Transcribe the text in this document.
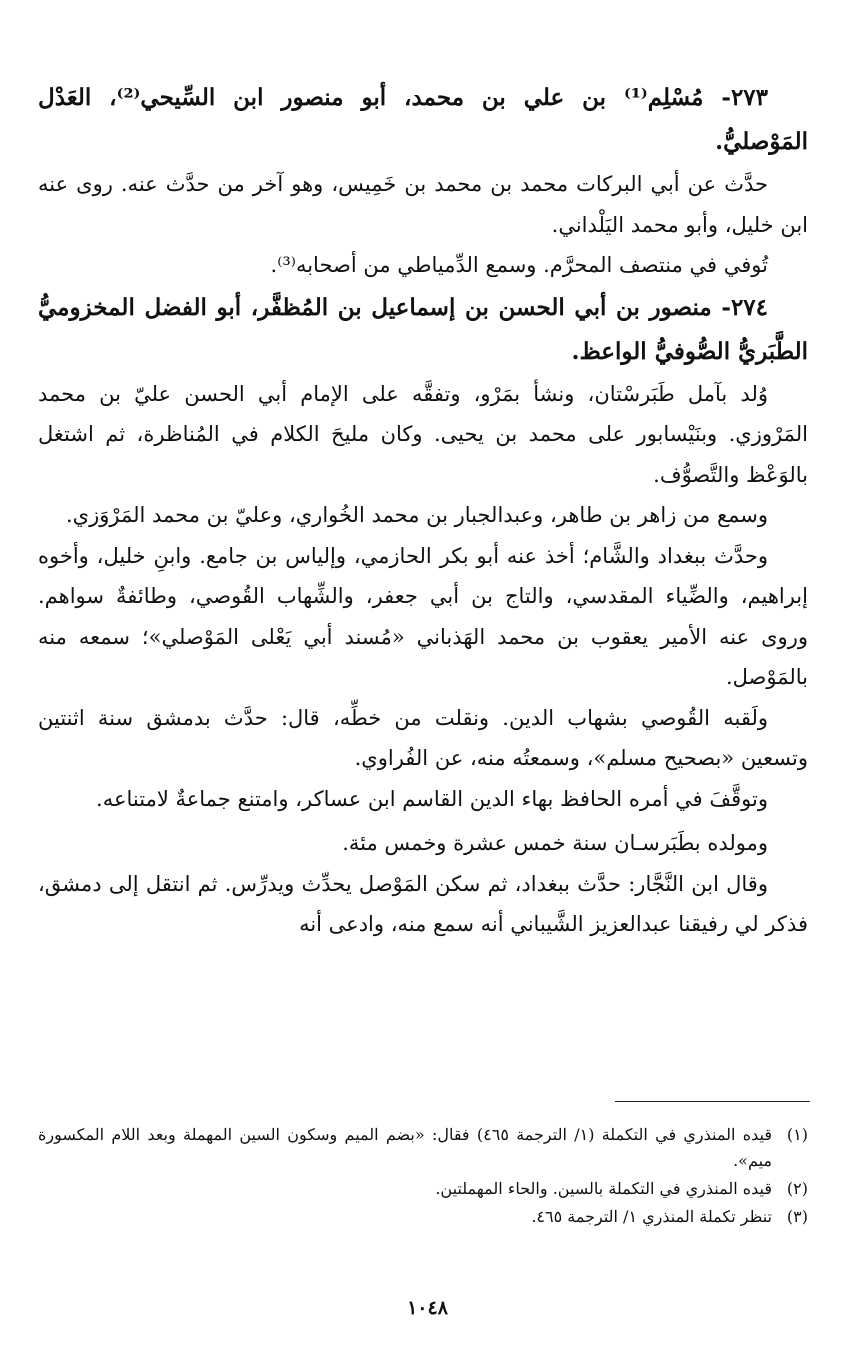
٢٧٣- مُسْلِم⁽¹⁾ بن علي بن محمد، أبو منصور ابن السِّيحي⁽²⁾، العَدْل المَوْصليُّ.

حدَّث عن أبي البركات محمد بن محمد بن خَمِيس، وهو آخر من حدَّث عنه. روى عنه ابن خليل، وأبو محمد اليَلْداني.

تُوفي في منتصف المحرَّم. وسمع الدِّمياطي من أصحابه⁽³⁾.

٢٧٤- منصور بن أبي الحسن بن إسماعيل بن المُظفَّر، أبو الفضل المخزوميُّ الطَّبَريُّ الصُّوفيُّ الواعظ.

وُلد بآمل طَبَرسْتان، ونشأ بمَرْو، وتفقَّه على الإمام أبي الحسن عليّ بن محمد المَرْوزي. وبنَيْسابور على محمد بن يحيى. وكان مليحَ الكلام في المُناظرة، ثم اشتغل بالوَعْظ والتَّصوُّف.

وسمع من زاهر بن طاهر، وعبدالجبار بن محمد الخُواري، وعليّ بن محمد المَرْوَزي.

وحدَّث ببغداد والشَّام؛ أخذ عنه أبو بكر الحازمي، وإلياس بن جامع. وابنِ خليل، وأخوه إبراهيم، والضِّياء المقدسي، والتاج بن أبي جعفر، والشِّهاب القُوصي، وطائفةٌ سواهم. وروى عنه الأمير يعقوب بن محمد الهَذباني «مُسند أبي يَعْلى المَوْصلي»؛ سمعه منه بالمَوْصل.

ولَقبه القُوصي بشهاب الدين. ونقلت من خطِّه، قال: حدَّث بدمشق سنة اثنتين وتسعين «بصحيح مسلم»، وسمعتُه منه، عن الفُراوي.

وتوقَّفَ في أمره الحافظ بهاء الدين القاسم ابن عساكر، وامتنع جماعةٌ لامتناعه.

ومولده بطَبَرسـان سنة خمس عشرة وخمس مئة.

وقال ابن النَّجَّار: حدَّث ببغداد، ثم سكن المَوْصل يحدِّث ويدرِّس. ثم انتقل إلى دمشق، فذكر لي رفيقنا عبدالعزيز الشَّيباني أنه سمع منه، وادعى أنه

(١)
قيده المنذري في التكملة (١/ الترجمة ٤٦٥) فقال: «بضم الميم وسكون السين المهملة وبعد اللام المكسورة ميم».
(٢)
قيده المنذري في التكملة بالسين. والحاء المهملتين.
(٣)
تنظر تكملة المنذري ١/ الترجمة ٤٦٥.
١٠٤٨
